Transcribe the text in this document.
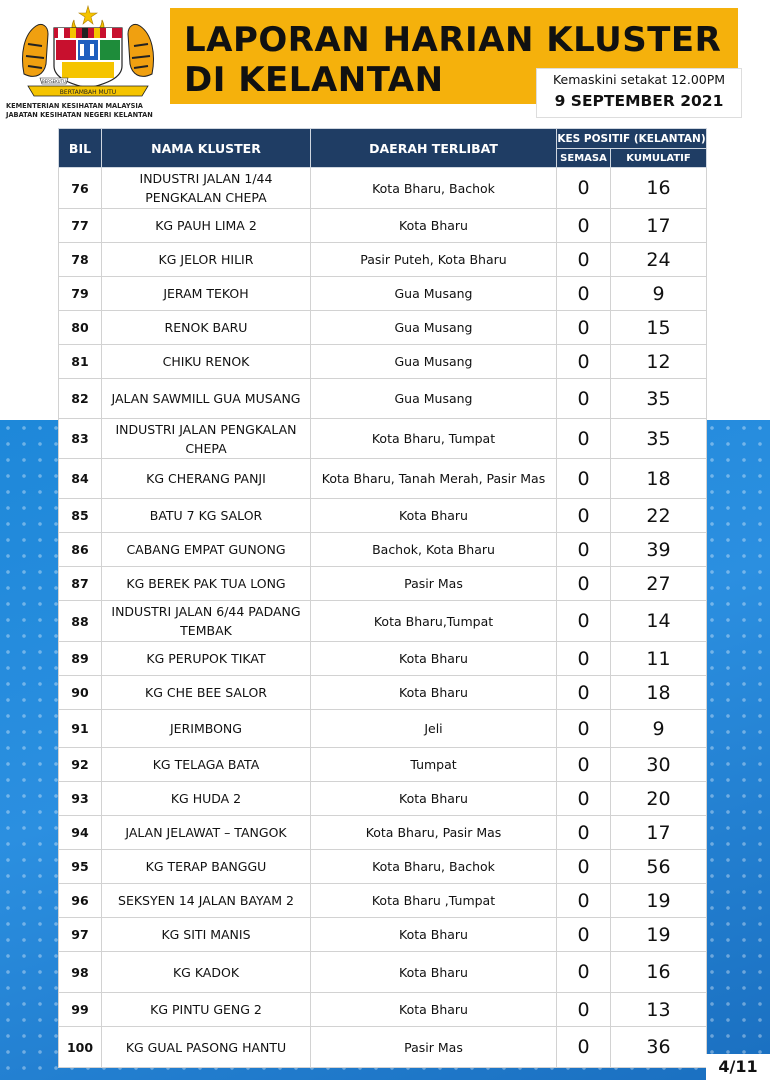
BERTAMBAH MUTU
BERSEKUTU
KEMENTERIAN KESIHATAN MALAYSIA
JABATAN KESIHATAN NEGERI KELANTAN
LAPORAN HARIAN KLUSTER
DI KELANTAN	Kemaskini setakat 12.00PM
9 SEPTEMBER 2021
BIL	NAMA KLUSTER	DAERAH TERLIBAT	KES POSITIF (KELANTAN)	
			SEMASA	KUMULATIF
76	INDUSTRI JALAN 1/44 PENGKALAN CHEPA	Kota Bharu, Bachok	0	16
77	KG PAUH LIMA 2	Kota Bharu	0	17
78	KG JELOR HILIR	Pasir Puteh, Kota Bharu	0	24
79	JERAM TEKOH	Gua Musang	0	9
80	RENOK BARU	Gua Musang	0	15
81	CHIKU RENOK	Gua Musang	0	12
82	JALAN SAWMILL GUA MUSANG	Gua Musang	0	35
83	INDUSTRI JALAN PENGKALAN CHEPA	Kota Bharu, Tumpat	0	35
84	KG CHERANG PANJI	Kota Bharu, Tanah Merah, Pasir Mas	0	18
85	BATU 7 KG SALOR	Kota Bharu	0	22
86	CABANG EMPAT GUNONG	Bachok, Kota Bharu	0	39
87	KG BEREK PAK TUA LONG	Pasir Mas	0	27
88	INDUSTRI JALAN 6/44 PADANG TEMBAK	Kota Bharu,Tumpat	0	14
89	KG PERUPOK TIKAT	Kota Bharu	0	11
90	KG CHE BEE SALOR	Kota Bharu	0	18
91	JERIMBONG	Jeli	0	9
92	KG TELAGA BATA	Tumpat	0	30
93	KG HUDA 2	Kota Bharu	0	20
94	JALAN JELAWAT – TANGOK	Kota Bharu, Pasir Mas	0	17
95	KG TERAP BANGGU	Kota Bharu, Bachok	0	56
96	SEKSYEN 14 JALAN BAYAM 2	Kota Bharu ,Tumpat	0	19
97	KG SITI MANIS	Kota Bharu	0	19
98	KG KADOK	Kota Bharu	0	16
99	KG PINTU GENG 2	Kota Bharu	0	13
100	KG GUAL PASONG HANTU	Pasir Mas	0	36
4/11
